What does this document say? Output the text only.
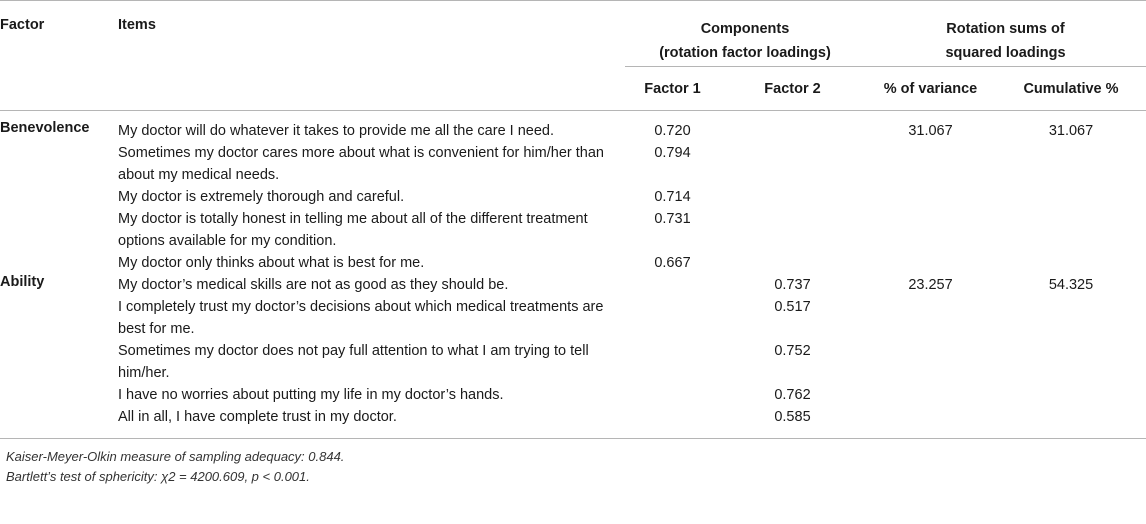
Factor	Items	Components
(rotation factor loadings)		Rotation sums of
squared loadings	

		Factor 1	Factor 2	% of variance	Cumulative %
Benevolence	My doctor will do whatever it takes to provide me all the care I need.	0.720		31.067	31.067
	Sometimes my doctor cares more about what is convenient for him/her than about my medical needs.	0.794			
	My doctor is extremely thorough and careful.	0.714			
	My doctor is totally honest in telling me about all of the different treatment options available for my condition.	0.731			
	My doctor only thinks about what is best for me.	0.667			
Ability	My doctor’s medical skills are not as good as they should be.		0.737	23.257	54.325
	I completely trust my doctor’s decisions about which medical treatments are best for me.		0.517		
	Sometimes my doctor does not pay full attention to what I am trying to tell him/her.		0.752		
	I have no worries about putting my life in my doctor’s hands.		0.762		
	All in all, I have complete trust in my doctor.		0.585		
Kaiser-Meyer-Olkin measure of sampling adequacy: 0.844.
Bartlett’s test of sphericity: χ2 = 4200.609, p < 0.001.
